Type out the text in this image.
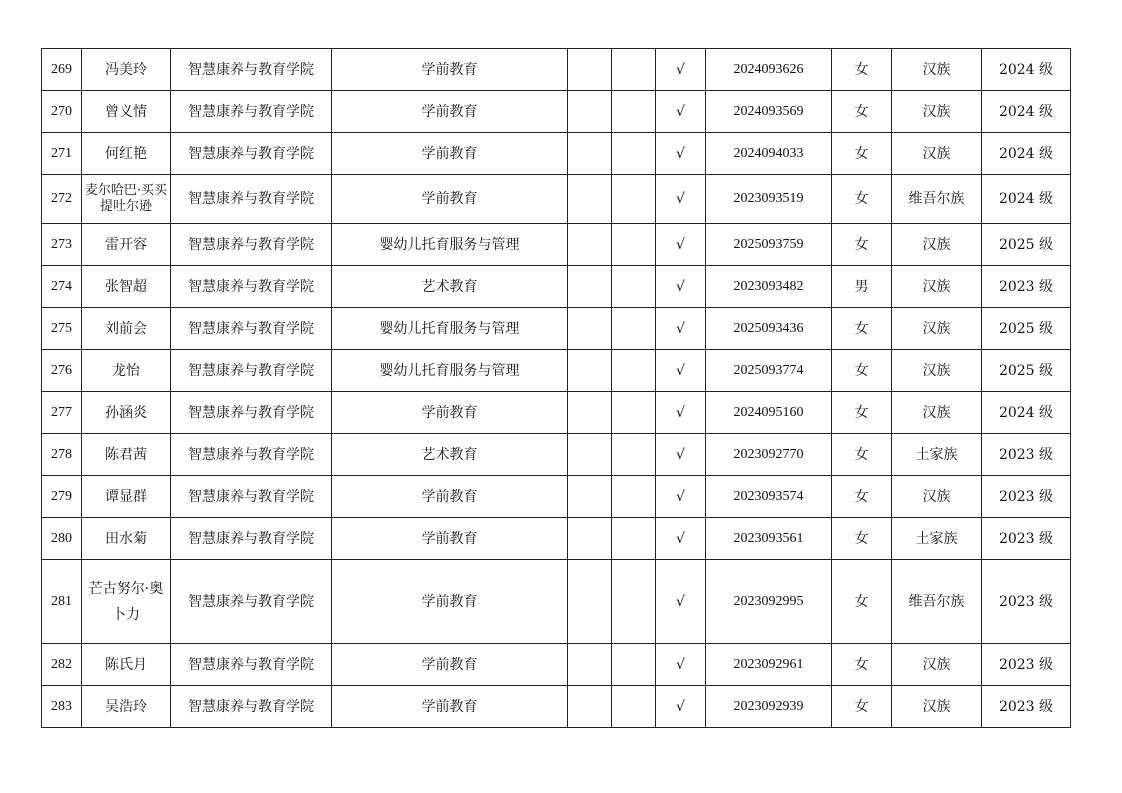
269	冯美玲	智慧康养与教育学院	学前教育			√	2024093626	女	汉族	2024 级
270	曾义情	智慧康养与教育学院	学前教育			√	2024093569	女	汉族	2024 级
271	何红艳	智慧康养与教育学院	学前教育			√	2024094033	女	汉族	2024 级
272	麦尔哈巴·买买提吐尔逊	智慧康养与教育学院	学前教育			√	2023093519	女	维吾尔族	2024 级
273	雷开容	智慧康养与教育学院	婴幼儿托育服务与管理			√	2025093759	女	汉族	2025 级
274	张智超	智慧康养与教育学院	艺术教育			√	2023093482	男	汉族	2023 级
275	刘前会	智慧康养与教育学院	婴幼儿托育服务与管理			√	2025093436	女	汉族	2025 级
276	龙怡	智慧康养与教育学院	婴幼儿托育服务与管理			√	2025093774	女	汉族	2025 级
277	孙涵炎	智慧康养与教育学院	学前教育			√	2024095160	女	汉族	2024 级
278	陈君茜	智慧康养与教育学院	艺术教育			√	2023092770	女	土家族	2023 级
279	谭显群	智慧康养与教育学院	学前教育			√	2023093574	女	汉族	2023 级
280	田水菊	智慧康养与教育学院	学前教育			√	2023093561	女	土家族	2023 级
281	芒古努尔·奥卜力	智慧康养与教育学院	学前教育			√	2023092995	女	维吾尔族	2023 级
282	陈氏月	智慧康养与教育学院	学前教育			√	2023092961	女	汉族	2023 级
283	吴浩玲	智慧康养与教育学院	学前教育			√	2023092939	女	汉族	2023 级
